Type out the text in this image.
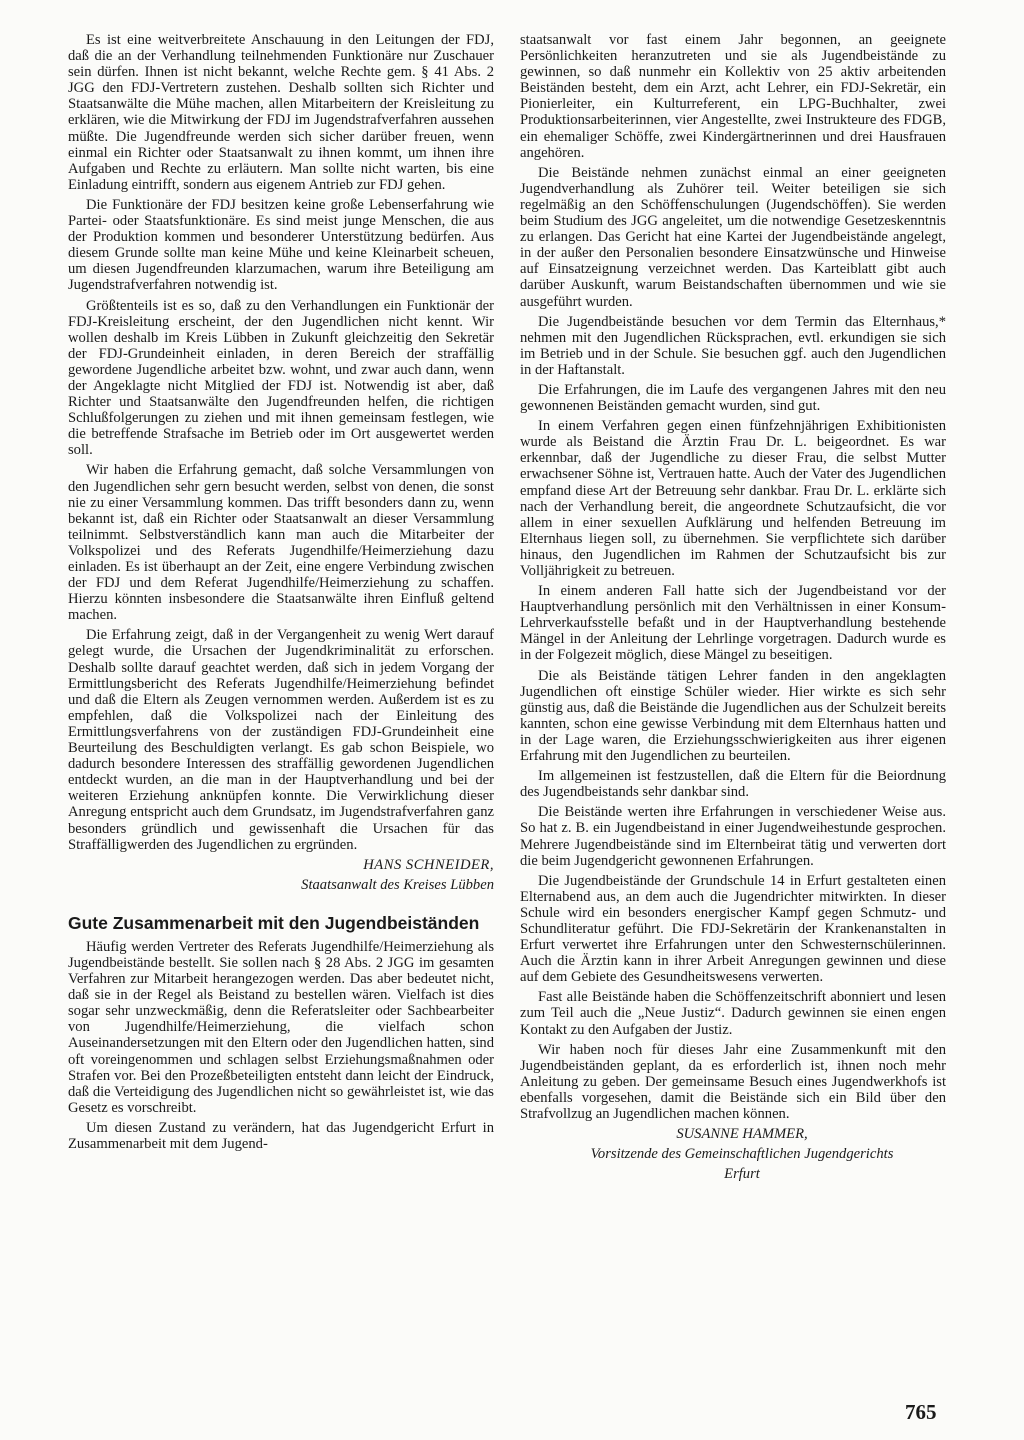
Es ist eine weitverbreitete Anschauung in den Leitungen der FDJ, daß die an der Verhandlung teilnehmenden Funktionäre nur Zuschauer sein dürfen. Ihnen ist nicht bekannt, welche Rechte gem. § 41 Abs. 2 JGG den FDJ-Vertretern zustehen. Deshalb sollten sich Richter und Staatsanwälte die Mühe machen, allen Mitarbeitern der Kreisleitung zu erklären, wie die Mitwirkung der FDJ im Jugendstrafverfahren aussehen müßte. Die Jugendfreunde werden sich sicher darüber freuen, wenn einmal ein Richter oder Staatsanwalt zu ihnen kommt, um ihnen ihre Aufgaben und Rechte zu erläutern. Man sollte nicht warten, bis eine Einladung eintrifft, sondern aus eigenem Antrieb zur FDJ gehen.

Die Funktionäre der FDJ besitzen keine große Lebenserfahrung wie Partei- oder Staatsfunktionäre. Es sind meist junge Menschen, die aus der Produktion kommen und besonderer Unterstützung bedürfen. Aus diesem Grunde sollte man keine Mühe und keine Kleinarbeit scheuen, um diesen Jugendfreunden klarzumachen, warum ihre Beteiligung am Jugendstrafverfahren notwendig ist.

Größtenteils ist es so, daß zu den Verhandlungen ein Funktionär der FDJ-Kreisleitung erscheint, der den Jugendlichen nicht kennt. Wir wollen deshalb im Kreis Lübben in Zukunft gleichzeitig den Sekretär der FDJ-Grundeinheit einladen, in deren Bereich der straffällig gewordene Jugendliche arbeitet bzw. wohnt, und zwar auch dann, wenn der Angeklagte nicht Mitglied der FDJ ist. Notwendig ist aber, daß Richter und Staatsanwälte den Jugendfreunden helfen, die richtigen Schlußfolgerungen zu ziehen und mit ihnen gemeinsam festlegen, wie die betreffende Strafsache im Betrieb oder im Ort ausgewertet werden soll.

Wir haben die Erfahrung gemacht, daß solche Versammlungen von den Jugendlichen sehr gern besucht werden, selbst von denen, die sonst nie zu einer Versammlung kommen. Das trifft besonders dann zu, wenn bekannt ist, daß ein Richter oder Staatsanwalt an dieser Versammlung teilnimmt. Selbstverständlich kann man auch die Mitarbeiter der Volkspolizei und des Referats Jugendhilfe/Heimerziehung dazu einladen. Es ist überhaupt an der Zeit, eine engere Verbindung zwischen der FDJ und dem Referat Jugendhilfe/Heimerziehung zu schaffen. Hierzu könnten insbesondere die Staatsanwälte ihren Einfluß geltend machen.

Die Erfahrung zeigt, daß in der Vergangenheit zu wenig Wert darauf gelegt wurde, die Ursachen der Jugendkriminalität zu erforschen. Deshalb sollte darauf geachtet werden, daß sich in jedem Vorgang der Ermittlungsbericht des Referats Jugendhilfe/Heimerziehung befindet und daß die Eltern als Zeugen vernommen werden. Außerdem ist es zu empfehlen, daß die Volkspolizei nach der Einleitung des Ermittlungsverfahrens von der zuständigen FDJ-Grundeinheit eine Beurteilung des Beschuldigten verlangt. Es gab schon Beispiele, wo dadurch besondere Interessen des straffällig gewordenen Jugendlichen entdeckt wurden, an die man in der Hauptverhandlung und bei der weiteren Erziehung anknüpfen konnte. Die Verwirklichung dieser Anregung entspricht auch dem Grundsatz, im Jugendstrafverfahren ganz besonders gründlich und gewissenhaft die Ursachen für das Straffälligwerden des Jugendlichen zu ergründen.

HANS SCHNEIDER,

Staatsanwalt des Kreises Lübben

Gute Zusammenarbeit mit den Jugendbeiständen

Häufig werden Vertreter des Referats Jugendhilfe/Heimerziehung als Jugendbeistände bestellt. Sie sollen nach § 28 Abs. 2 JGG im gesamten Verfahren zur Mitarbeit herangezogen werden. Das aber bedeutet nicht, daß sie in der Regel als Beistand zu bestellen wären. Vielfach ist dies sogar sehr unzweckmäßig, denn die Referatsleiter oder Sachbearbeiter von Jugendhilfe/Heimerziehung, die vielfach schon Auseinandersetzungen mit den Eltern oder den Jugendlichen hatten, sind oft voreingenommen und schlagen selbst Erziehungsmaßnahmen oder Strafen vor. Bei den Prozeßbeteiligten entsteht dann leicht der Eindruck, daß die Verteidigung des Jugendlichen nicht so gewährleistet ist, wie das Gesetz es vorschreibt.

Um diesen Zustand zu verändern, hat das Jugendgericht Erfurt in Zusammenarbeit mit dem Jugend-

staatsanwalt vor fast einem Jahr begonnen, an geeignete Persönlichkeiten heranzutreten und sie als Jugendbeistände zu gewinnen, so daß nunmehr ein Kollektiv von 25 aktiv arbeitenden Beiständen besteht, dem ein Arzt, acht Lehrer, ein FDJ-Sekretär, ein Pionierleiter, ein Kulturreferent, ein LPG-Buchhalter, zwei Produktionsarbeiterinnen, vier Angestellte, zwei Instrukteure des FDGB, ein ehemaliger Schöffe, zwei Kindergärtnerinnen und drei Hausfrauen angehören.

Die Beistände nehmen zunächst einmal an einer geeigneten Jugendverhandlung als Zuhörer teil. Weiter beteiligen sie sich regelmäßig an den Schöffenschulungen (Jugendschöffen). Sie werden beim Studium des JGG angeleitet, um die notwendige Gesetzeskenntnis zu erlangen. Das Gericht hat eine Kartei der Jugendbeistände angelegt, in der außer den Personalien besondere Einsatzwünsche und Hinweise auf Einsatzeignung verzeichnet werden. Das Karteiblatt gibt auch darüber Auskunft, warum Beistandschaften übernommen und wie sie ausgeführt wurden.

Die Jugendbeistände besuchen vor dem Termin das Elternhaus,* nehmen mit den Jugendlichen Rücksprachen, evtl. erkundigen sie sich im Betrieb und in der Schule. Sie besuchen ggf. auch den Jugendlichen in der Haftanstalt.

Die Erfahrungen, die im Laufe des vergangenen Jahres mit den neu gewonnenen Beiständen gemacht wurden, sind gut.

In einem Verfahren gegen einen fünfzehnjährigen Exhibitionisten wurde als Beistand die Ärztin Frau Dr. L. beigeordnet. Es war erkennbar, daß der Jugendliche zu dieser Frau, die selbst Mutter erwachsener Söhne ist, Vertrauen hatte. Auch der Vater des Jugendlichen empfand diese Art der Betreuung sehr dankbar. Frau Dr. L. erklärte sich nach der Verhandlung bereit, die angeordnete Schutzaufsicht, die vor allem in einer sexuellen Aufklärung und helfenden Betreuung im Elternhaus liegen soll, zu übernehmen. Sie verpflichtete sich darüber hinaus, den Jugendlichen im Rahmen der Schutzaufsicht bis zur Volljährigkeit zu betreuen.

In einem anderen Fall hatte sich der Jugendbeistand vor der Hauptverhandlung persönlich mit den Verhältnissen in einer Konsum-Lehrverkaufsstelle befaßt und in der Hauptverhandlung bestehende Mängel in der Anleitung der Lehrlinge vorgetragen. Dadurch wurde es in der Folgezeit möglich, diese Mängel zu beseitigen.

Die als Beistände tätigen Lehrer fanden in den angeklagten Jugendlichen oft einstige Schüler wieder. Hier wirkte es sich sehr günstig aus, daß die Beistände die Jugendlichen aus der Schulzeit bereits kannten, schon eine gewisse Verbindung mit dem Elternhaus hatten und in der Lage waren, die Erziehungsschwierigkeiten aus ihrer eigenen Erfahrung mit den Jugendlichen zu beurteilen.

Im allgemeinen ist festzustellen, daß die Eltern für die Beiordnung des Jugendbeistands sehr dankbar sind.

Die Beistände werten ihre Erfahrungen in verschiedener Weise aus. So hat z. B. ein Jugendbeistand in einer Jugendweihestunde gesprochen. Mehrere Jugendbeistände sind im Elternbeirat tätig und verwerten dort die beim Jugendgericht gewonnenen Erfahrungen.

Die Jugendbeistände der Grundschule 14 in Erfurt gestalteten einen Elternabend aus, an dem auch die Jugendrichter mitwirkten. In dieser Schule wird ein besonders energischer Kampf gegen Schmutz- und Schundliteratur geführt. Die FDJ-Sekretärin der Krankenanstalten in Erfurt verwertet ihre Erfahrungen unter den Schwesternschülerinnen. Auch die Ärztin kann in ihrer Arbeit Anregungen gewinnen und diese auf dem Gebiete des Gesundheitswesens verwerten.

Fast alle Beistände haben die Schöffenzeitschrift abonniert und lesen zum Teil auch die „Neue Justiz“. Dadurch gewinnen sie einen engen Kontakt zu den Aufgaben der Justiz.

Wir haben noch für dieses Jahr eine Zusammenkunft mit den Jugendbeiständen geplant, da es erforderlich ist, ihnen noch mehr Anleitung zu geben. Der gemeinsame Besuch eines Jugendwerkhofs ist ebenfalls vorgesehen, damit die Beistände sich ein Bild über den Strafvollzug an Jugendlichen machen können.

SUSANNE HAMMER,

Vorsitzende des Gemeinschaftlichen Jugendgerichts

Erfurt

765
